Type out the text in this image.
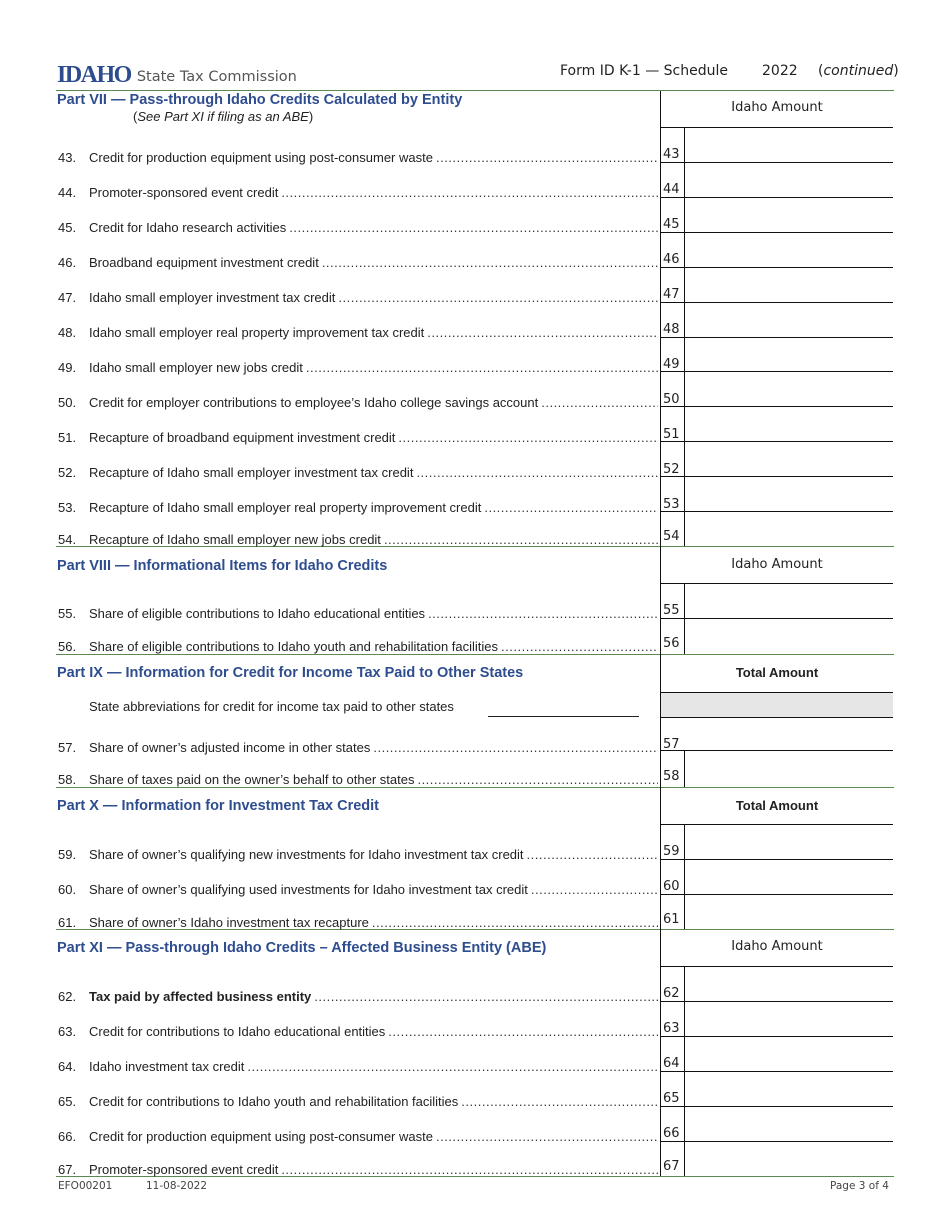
IDAHO State Tax Commission	Form ID K-1 — Schedule 2022 (continued)
Part VII — Pass-through Idaho Credits Calculated by Entity
(See Part XI if filing as an ABE)
Idaho Amount
Part VIII — Informational Items for Idaho Credits	Idaho Amount
Part IX — Information for Credit for Income Tax Paid to Other States	Total Amount
Part X — Information for Investment Tax Credit	Total Amount
Part XI — Pass-through Idaho Credits – Affected Business Entity (ABE)	Idaho Amount
State abbreviations for credit for income tax paid to other states
43. Credit for production equipment using post-consumer waste .....	43
44. Promoter-sponsored event credit .....	44
45. Credit for Idaho research activities .....	45
46. Broadband equipment investment credit .....	46
47. Idaho small employer investment tax credit .....	47
48. Idaho small employer real property improvement tax credit .....	48
49. Idaho small employer new jobs credit .....	49
50. Credit for employer contributions to employee’s Idaho college savings account .....	50
51. Recapture of broadband equipment investment credit .....	51
52. Recapture of Idaho small employer investment tax credit .....	52
53. Recapture of Idaho small employer real property improvement credit .....	53
54. Recapture of Idaho small employer new jobs credit .....	54
55. Share of eligible contributions to Idaho educational entities .....	55
56. Share of eligible contributions to Idaho youth and rehabilitation facilities .....	56
57. Share of owner’s adjusted income in other states .....	57
58. Share of taxes paid on the owner’s behalf to other states .....	58
59. Share of owner’s qualifying new investments for Idaho investment tax credit .....	59
60. Share of owner’s qualifying used investments for Idaho investment tax credit .....	60
61. Share of owner’s Idaho investment tax recapture .....	61
62. Tax paid by affected business entity .....	62
63. Credit for contributions to Idaho educational entities .....	63
64. Idaho investment tax credit .....	64
65. Credit for contributions to Idaho youth and rehabilitation facilities .....	65
66. Credit for production equipment using post-consumer waste .....	66
67. Promoter-sponsored event credit .....	67
EFO00201	11-08-2022	Page 3 of 4
